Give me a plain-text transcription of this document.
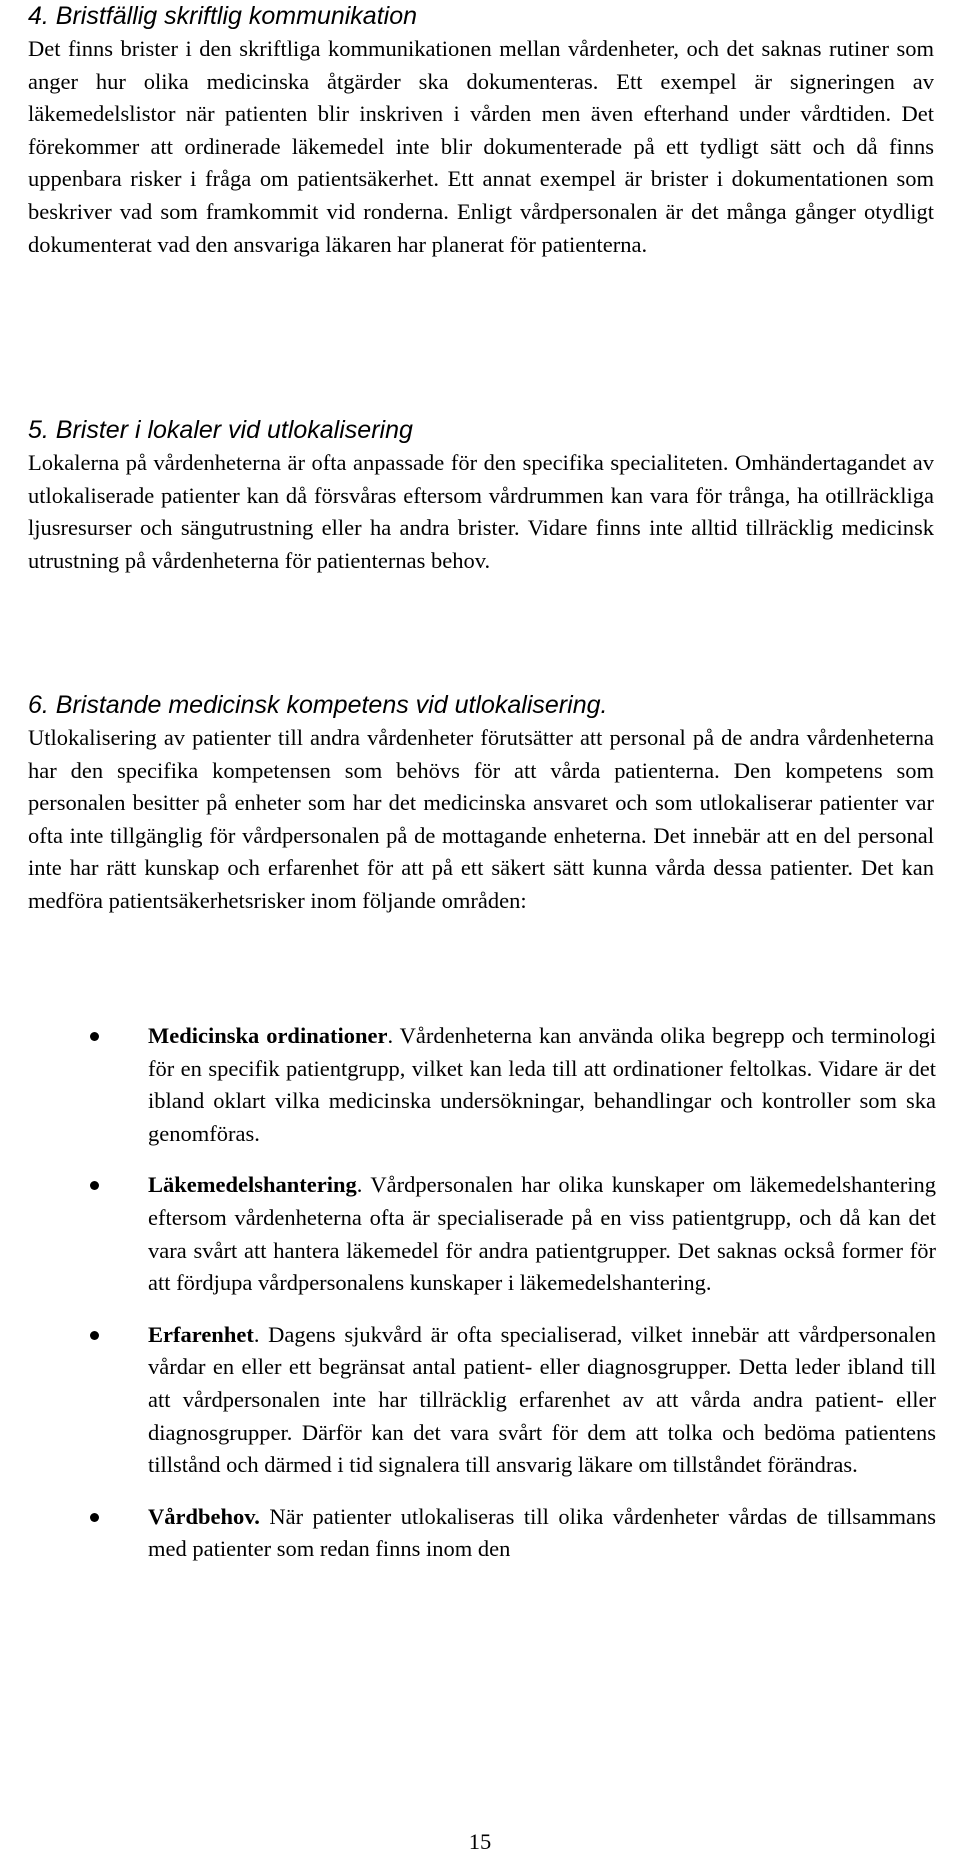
4. Bristfällig skriftlig kommunikation

Det finns brister i den skriftliga kommunikationen mellan vårdenheter, och det saknas rutiner som anger hur olika medicinska åtgärder ska dokumenteras. Ett exempel är signeringen av läkemedelslistor när patienten blir inskriven i vården men även efterhand under vårdtiden. Det förekommer att ordinerade läkemedel inte blir dokumenterade på ett tydligt sätt och då finns uppenbara risker i fråga om patientsäkerhet. Ett annat exempel är brister i dokumentationen som beskriver vad som framkommit vid ronderna. Enligt vårdpersonalen är det många gånger otydligt dokumenterat vad den ansvariga läkaren har planerat för patienterna.

5. Brister i lokaler vid utlokalisering

Lokalerna på vårdenheterna är ofta anpassade för den specifika specialiteten. Omhändertagandet av utlokaliserade patienter kan då försvåras eftersom vårdrummen kan vara för trånga, ha otillräckliga ljusresurser och sängutrustning eller ha andra brister. Vidare finns inte alltid tillräcklig medicinsk utrustning på vårdenheterna för patienternas behov.

6. Bristande medicinsk kompetens vid utlokalisering.

Utlokalisering av patienter till andra vårdenheter förutsätter att personal på de andra vårdenheterna har den specifika kompetensen som behövs för att vårda patienterna. Den kompetens som personalen besitter på enheter som har det medicinska ansvaret och som utlokaliserar patienter var ofta inte tillgänglig för vårdpersonalen på de mottagande enheterna. Det innebär att en del personal inte har rätt kunskap och erfarenhet för att på ett säkert sätt kunna vårda dessa patienter. Det kan medföra patientsäkerhetsrisker inom följande områden:

Medicinska ordinationer. Vårdenheterna kan använda olika begrepp och terminologi för en specifik patientgrupp, vilket kan leda till att ordinationer feltolkas. Vidare är det ibland oklart vilka medicinska undersökningar, behandlingar och kontroller som ska genomföras.

Läkemedelshantering. Vårdpersonalen har olika kunskaper om läkemedelshantering eftersom vårdenheterna ofta är specialiserade på en viss patientgrupp, och då kan det vara svårt att hantera läkemedel för andra patientgrupper. Det saknas också former för att fördjupa vårdpersonalens kunskaper i läkemedelshantering.

Erfarenhet. Dagens sjukvård är ofta specialiserad, vilket innebär att vårdpersonalen vårdar en eller ett begränsat antal patient- eller diagnosgrupper. Detta leder ibland till att vårdpersonalen inte har tillräcklig erfarenhet av att vårda andra patient- eller diagnosgrupper. Därför kan det vara svårt för dem att tolka och bedöma patientens tillstånd och därmed i tid signalera till ansvarig läkare om tillståndet förändras.

Vårdbehov. När patienter utlokaliseras till olika vårdenheter vårdas de tillsammans med patienter som redan finns inom den

15
